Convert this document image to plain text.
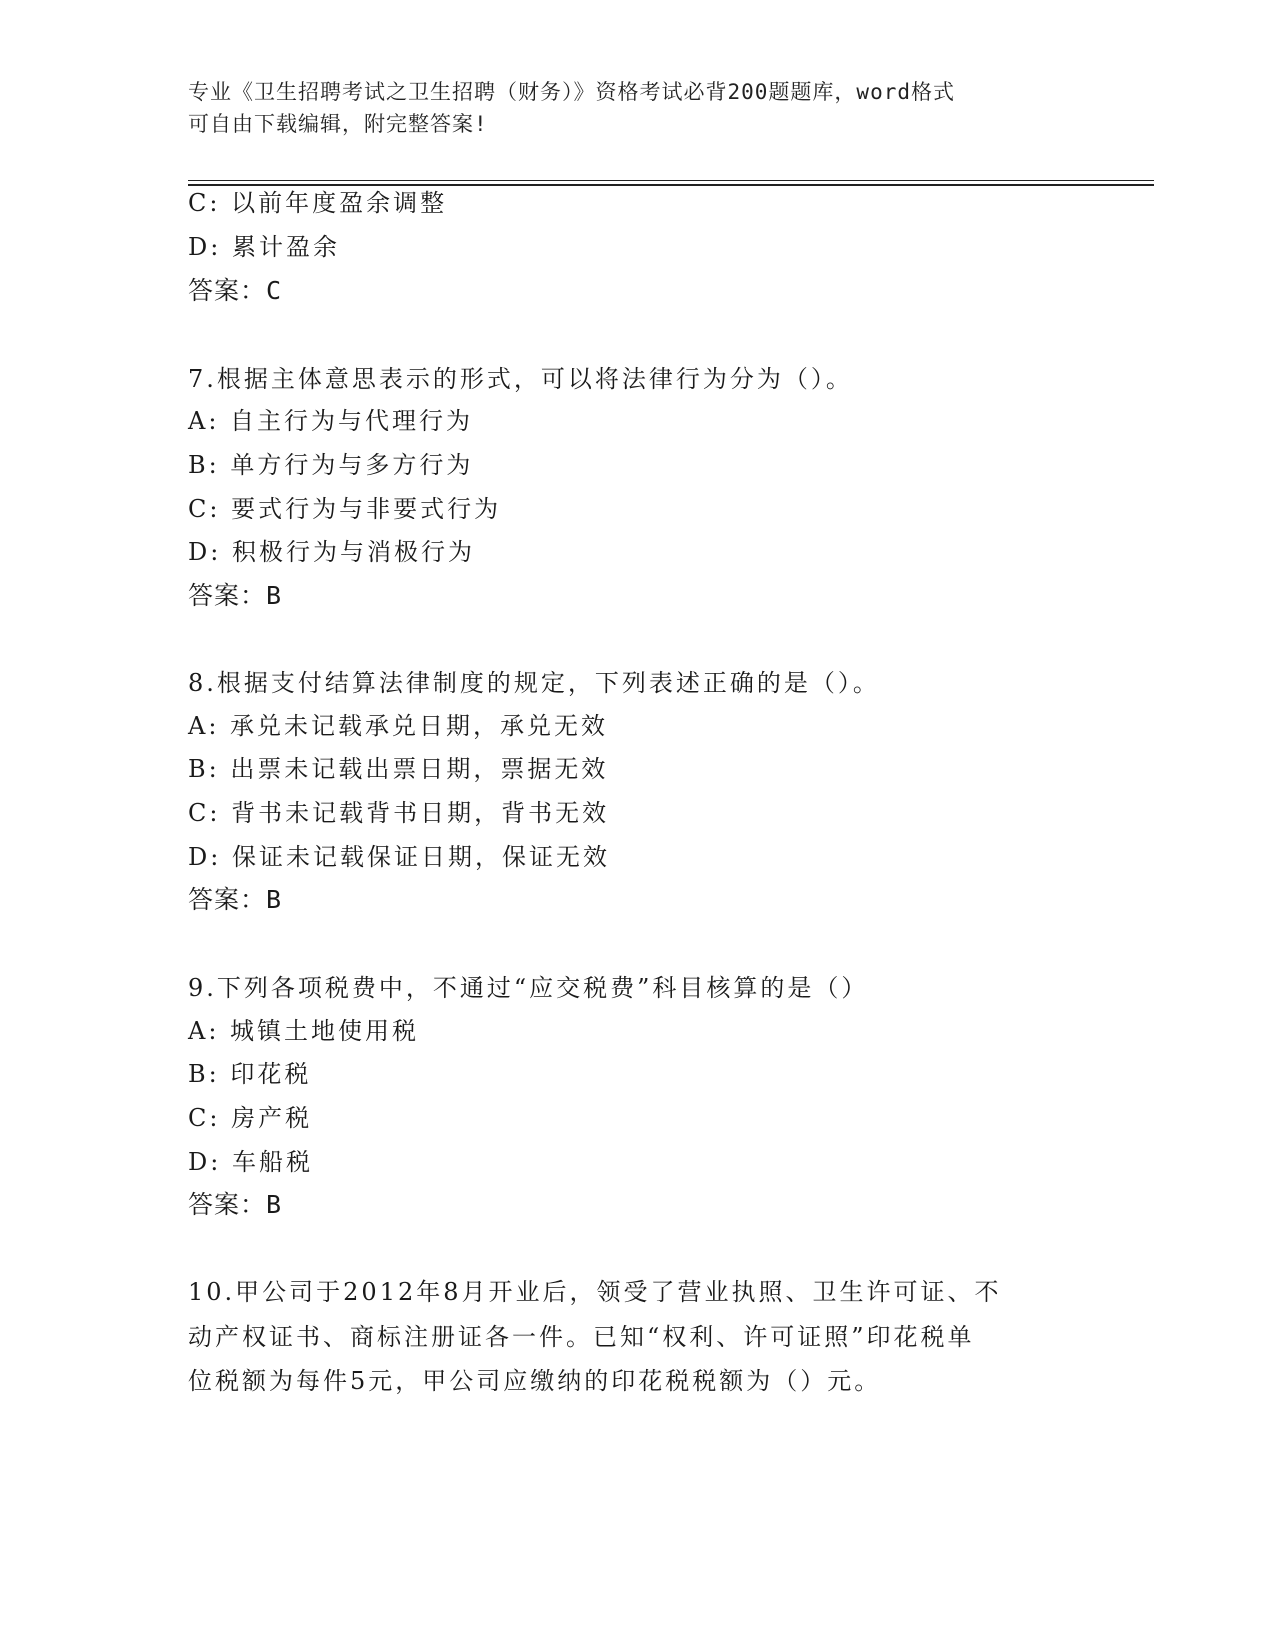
专业《卫生招聘考试之卫生招聘（财务）》资格考试必背200题题库，word格式
可自由下载编辑，附完整答案!
C: 以前年度盈余调整
D: 累计盈余
答案：C
7.根据主体意思表示的形式，可以将法律行为分为（）。
A: 自主行为与代理行为
B: 单方行为与多方行为
C: 要式行为与非要式行为
D: 积极行为与消极行为
答案：B
8.根据支付结算法律制度的规定，下列表述正确的是（）。
A: 承兑未记载承兑日期，承兑无效
B: 出票未记载出票日期，票据无效
C: 背书未记载背书日期，背书无效
D: 保证未记载保证日期，保证无效
答案：B
9.下列各项税费中，不通过“应交税费”科目核算的是（）
A: 城镇土地使用税
B: 印花税
C: 房产税
D: 车船税
答案：B
10.甲公司于2012年8月开业后，领受了营业执照、卫生许可证、不
动产权证书、商标注册证各一件。已知“权利、许可证照”印花税单
位税额为每件5元，甲公司应缴纳的印花税税额为（）元。
